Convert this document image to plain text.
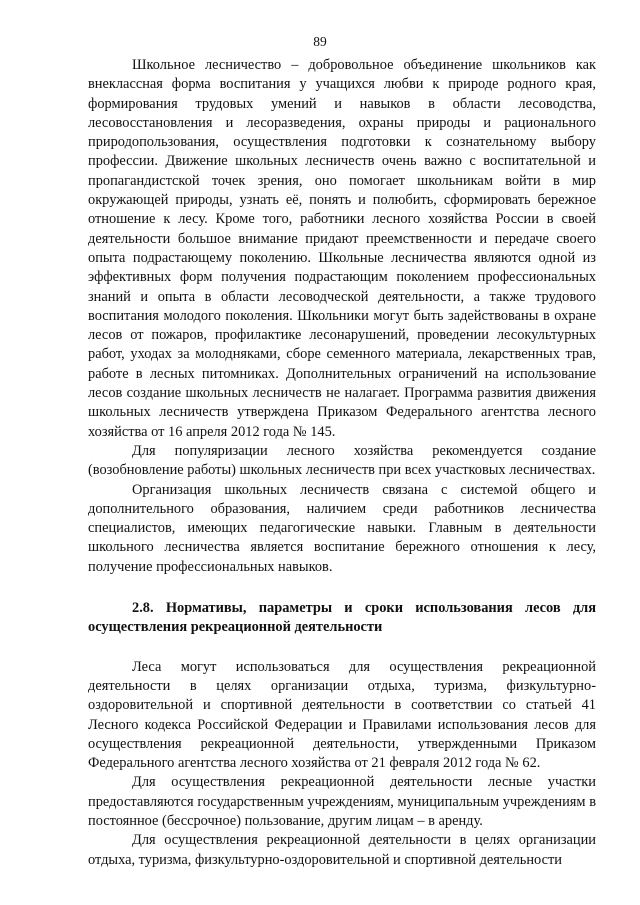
89

Школьное лесничество – добровольное объединение школьников как внеклассная форма воспитания у учащихся любви к природе родного края, формирования трудовых умений и навыков в области лесоводства, лесовосстановления и лесоразведения, охраны природы и рационального природопользования, осуществления подготовки к сознательному выбору профессии. Движение школьных лесничеств очень важно с воспитательной и пропагандистской точек зрения, оно помогает школьникам войти в мир окружающей природы, узнать её, понять и полюбить, сформировать бережное отношение к лесу. Кроме того, работники лесного хозяйства России в своей деятельности большое внимание придают преемственности и передаче своего опыта подрастающему поколению. Школьные лесничества являются одной из эффективных форм получения подрастающим поколением профессиональных знаний и опыта в области лесоводческой деятельности, а также трудового воспитания молодого поколения. Школьники могут быть задействованы в охране лесов от пожаров, профилактике лесонарушений, проведении лесокультурных работ, уходах за молодняками, сборе семенного материала, лекарственных трав, работе в лесных питомниках. Дополнительных ограничений на использование лесов создание школьных лесничеств не налагает. Программа развития движения школьных лесничеств утверждена Приказом Федерального агентства лесного хозяйства от 16 апреля 2012 года № 145.

Для популяризации лесного хозяйства рекомендуется создание (возобновление работы) школьных лесничеств при всех участковых лесничествах.

Организация школьных лесничеств связана с системой общего и дополнительного образования, наличием среди работников лесничества специалистов, имеющих педагогические навыки. Главным в деятельности школьного лесничества является воспитание бережного отношения к лесу, получение профессиональных навыков.

2.8. Нормативы, параметры и сроки использования лесов для осуществления рекреационной деятельности

Леса могут использоваться для осуществления рекреационной деятельности в целях организации отдыха, туризма, физкультурно-оздоровительной и спортивной деятельности в соответствии со статьей 41 Лесного кодекса Российской Федерации и Правилами использования лесов для осуществления рекреационной деятельности, утвержденными Приказом Федерального агентства лесного хозяйства от 21 февраля 2012 года № 62.

Для осуществления рекреационной деятельности лесные участки предоставляются государственным учреждениям, муниципальным учреждениям в постоянное (бессрочное) пользование, другим лицам – в аренду.

Для осуществления рекреационной деятельности в целях организации отдыха, туризма, физкультурно-оздоровительной и спортивной деятельности
